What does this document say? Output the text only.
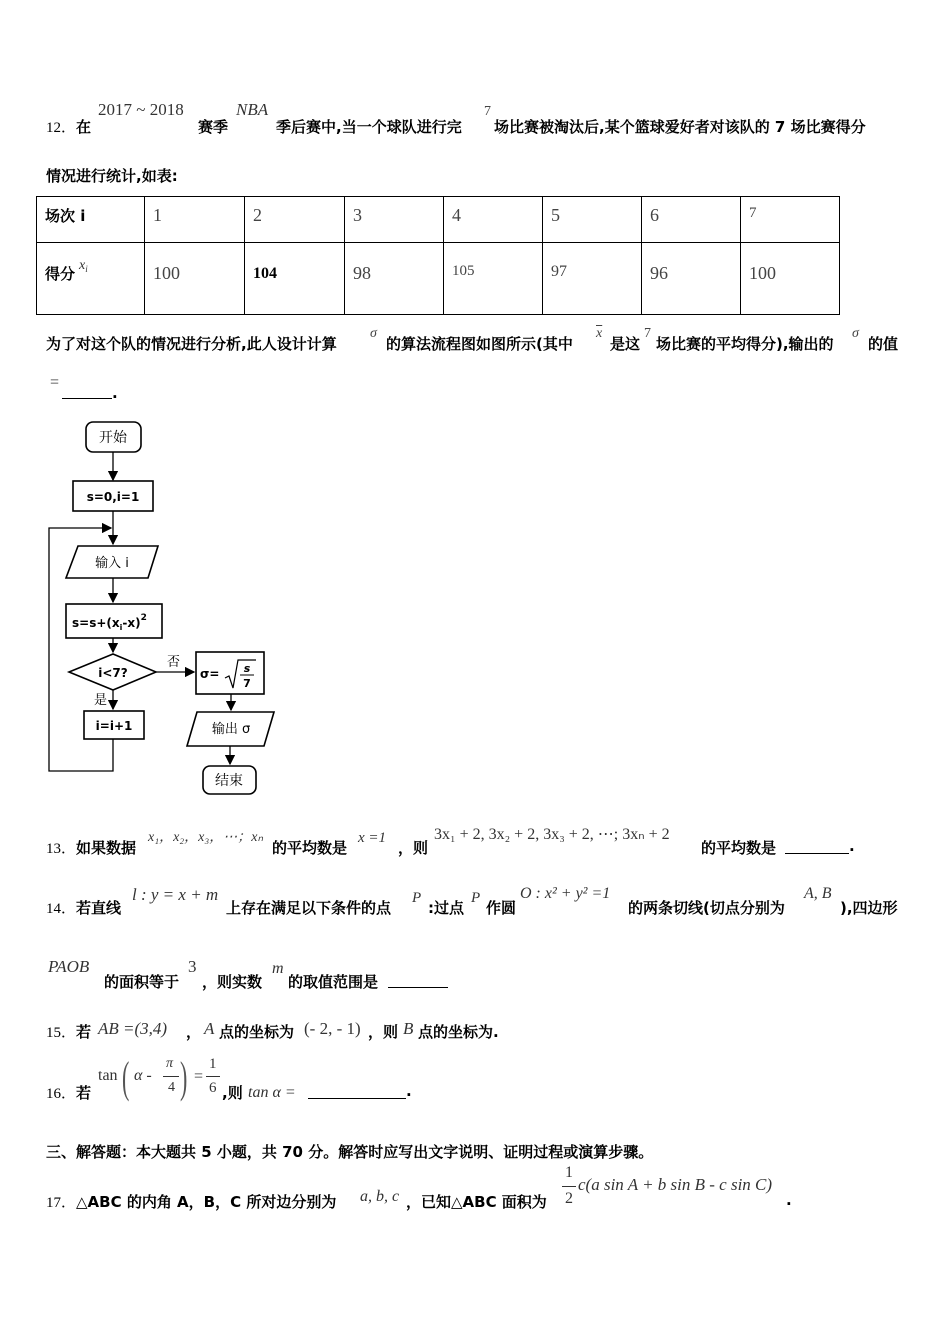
12．在
2017 ~ 2018
赛季
NBA
季后赛中,当一个球队进行完
7
场比赛被淘汰后,某个篮球爱好者对该队的 7 场比赛得分
情况进行统计,如表:
场次 i	1	2	3	4	5	6	7
得分 $x^i$	100	104	98	105	97	96	100
为了对这个队的情况进行分析,此人设计计算
σ
的算法流程图如图所示(其中
$\overline{x}$
是这
7
场比赛的平均得分),输出的
σ
的值
=
.
开始
s=0,i=1
输入 i
$s=s+(x_i-x)^2$
i<7?
否
σ= s
7
输出 σ
结束
是
i=i+1
13．如果数据
x₁，x₂，x₃，⋯；xₙ
的平均数是
x =1
，则
3x₁ + 2, 3x₂ + 2, 3x₃ + 2, ⋯; 3xₙ + 2
的平均数是	.
14．若直线
l : y = x + m
上存在满足以下条件的点
P
:过点
P
作圆
O : x² + y² =1
的两条切线(切点分别为
A, B
),四边形
PAOB
的面积等于
3
，则实数
m
的取值范围是
15．若 AB =(3,4) ， A 点的坐标为 (- 2, - 1) ，则 B 点的坐标为.
16．若
tan ( α -
π
4 ) =
1
6 ,则 tan α =	.
三、解答题：本大题共 5 小题，共 70 分。解答时应写出文字说明、证明过程或演算步骤。
17．△ABC 的内角 A，B，C 所对边分别为 a, b, c ，已知△ABC 面积为
1
2
c(a sin A + b sin B - c sin C)
.
